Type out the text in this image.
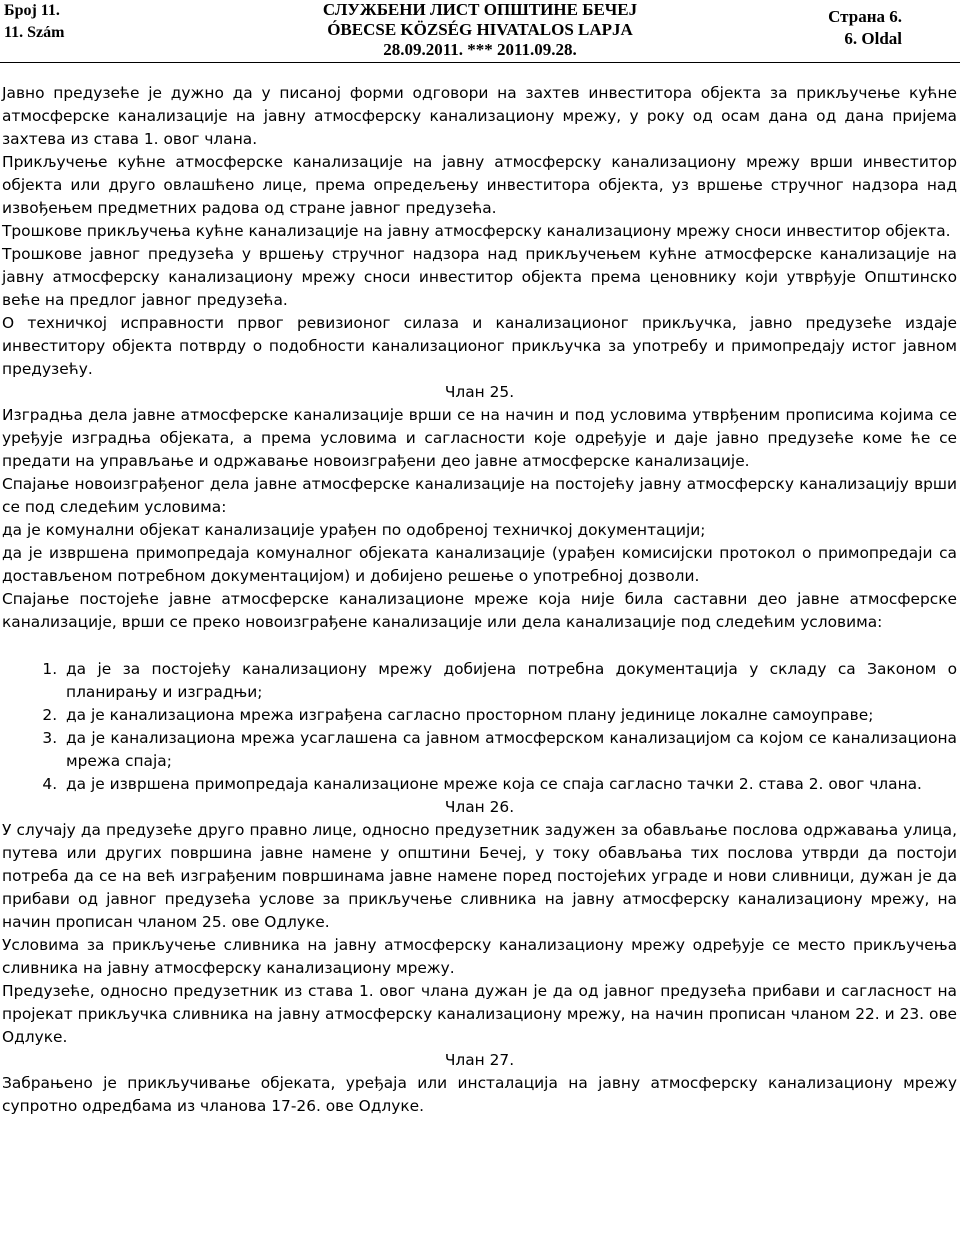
Број 11.
11. Szám
СЛУЖБЕНИ ЛИСТ ОПШТИНЕ БЕЧЕЈ
ÓBECSE KÖZSÉG HIVATALOS LAPJA
28.09.2011. *** 2011.09.28.
Страна 6.
6. Oldal

Јавно предузеће је дужно да у писаној форми одговори на захтев инвеститора објекта за прикључење кућне атмосферске канализације на јавну атмосферску канализациону мрежу, у року од осам дана од дана пријема захтева из става 1. овог члана.

Прикључење кућне атмосферске канализације на јавну атмосферску канализациону мрежу врши инвеститор објекта или друго овлашћено лице, према опредељењу инвеститора објекта, уз вршење стручног надзора над извођењем предметних радова од стране јавног предузећа.

Трошкове прикључења кућне канализације на јавну атмосферску канализациону мрежу сноси инвеститор објекта.

Трошкове јавног предузећа у вршењу стручног надзора над прикључењем кућне атмосферске канализације на јавну атмосферску канализациону мрежу сноси инвеститор објекта према ценовнику који утврђује Општинско веће на предлог јавног предузећа.

О техничкој исправности првог ревизионог силаза и канализационог прикључка, јавно предузеће издаје инвеститору објекта потврду о подобности канализационог прикључка за употребу и примопредају истог јавном предузећу.

Члан 25.

Изградња дела јавне атмосферске канализације врши се на начин и под условима утврђеним прописима којима се уређује изградња објеката, а према условима и сагласности које одређује и даје јавно предузеће коме ће се предати на управљање и одржавање новоизграђени део јавне атмосферске канализације.

Спајање новоизграђеног дела јавне атмосферске канализације на постојећу јавну атмосферску канализацију врши се под следећим условима:

да је комунални објекат канализације урађен по одобреној техничкој документацији;

да је извршена примопредаја комуналног објеката канализације (урађен комисијски протокол о примопредаји са достављеном потребном документацијом) и добијено решење о употребној дозволи.

Спајање постојеће јавне атмосферске канализационе мреже која није била саставни део јавне атмосферске канализације, врши се преко новоизграђене канализације или дела канализације под следећим условима:

1. да је за постојећу канализациону мрежу добијена потребна документација у складу са Законом о планирању и изградњи;
2. да је канализациона мрежа изграђена сагласно просторном плану јединице локалне самоуправе;
3. да је канализациона мрежа усаглашена са јавном атмосферском канализацијом са којом се канализациона мрежа спаја;
4. да је извршена примопредаја канализационе мреже која се спаја сагласно тачки 2. става 2. овог члана.

Члан 26.

У случају да предузеће друго правно лице, односно предузетник задужен за обављање послова одржавања улица, путева или других површина јавне намене у општини Бечеј, у току обављања тих послова утврди да постоји потреба да се на већ изграђеним површинама јавне намене поред постојећих уграде и нови сливници, дужан је да прибави од јавног предузећа услове за прикључење сливника на јавну атмосферску канализациону мрежу, на начин прописан чланом 25. ове Одлуке.

Условима за прикључење сливника на јавну атмосферску канализациону мрежу одређује се место прикључења сливника на јавну атмосферску канализациону мрежу.

Предузеће, односно предузетник из става 1. овог члана дужан је да од јавног предузећа прибави и сагласност на пројекат прикључка сливника на јавну атмосферску канализациону мрежу, на начин прописан чланом 22. и 23. ове Одлуке.

Члан 27.

Забрањено је прикључивање објеката, уређаја или инсталација на јавну атмосферску канализациону мрежу супротно одредбама из чланова 17-26. ове Одлуке.
